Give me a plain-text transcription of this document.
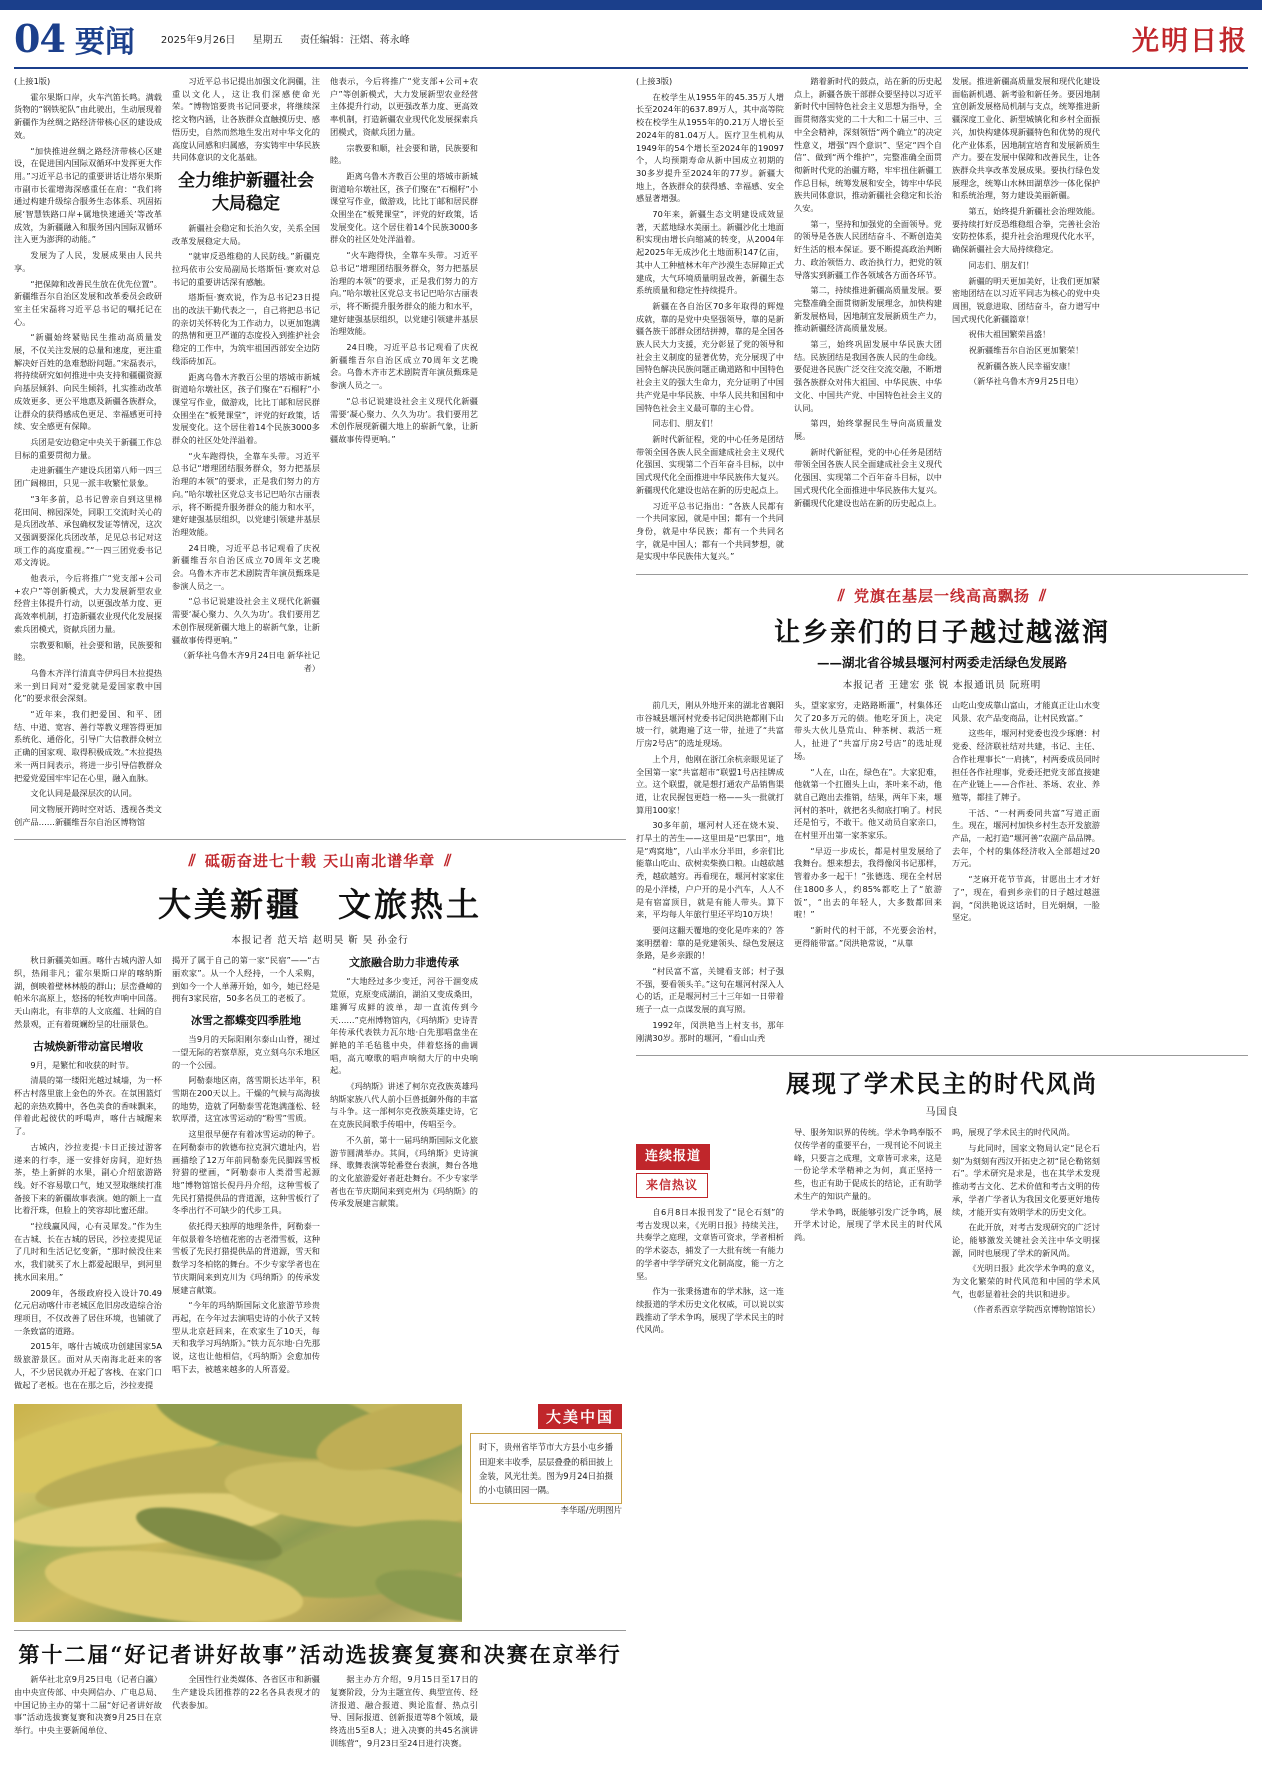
04 要闻	2025年9月26日 星期五 责任编辑：汪熠、蒋永峰	光明日报

(上接1版)

霍尔果斯口岸，火车汽笛长鸣。满载货物的“钢铁驼队”由此驶出，生动展现着新疆作为丝绸之路经济带核心区的建设成效。

“加快推进丝绸之路经济带核心区建设，在促进国内国际双循环中发挥更大作用。”习近平总书记的重要讲话让塔尔果斯市副市长霍增海深感重任在肩：“我们将通过构建升级综合服务生态体系、巩固拓展‘智慧铁路口岸+属地快速通关’等改革成效，为新疆融入和服务国内国际双循环注入更为澎湃的动能。”

发展为了人民，发展成果由人民共享。

“把保障和改善民生放在优先位置”。新疆维吾尔自治区发展和改革委员会政研室主任宋磊将习近平总书记的嘱托记在心。

“新疆始终紧贴民生推动高质量发展，不仅关注发展的总量和速度，更注重解决好百姓的急难愁盼问题。”宋磊表示，将持续研究如何推进中央支持和疆疆资源向基层倾斜、向民生倾斜，扎实推动改革成效更多、更公平地惠及新疆各族群众，让群众的获得感成色更足、幸福感更可持续、安全感更有保障。

兵团是安边稳定中央关于新疆工作总目标的重要贯彻力量。

走进新疆生产建设兵团第八师一四三团广阔棉田，只见一派丰收繁忙景象。

“3年多前，总书记曾亲自到这里棉花田间、棉园深处，同职工交流时关心的是兵团改革、承包确权发证等情况，这次又强调要深化兵团改革，足见总书记对这项工作的高度重视。”“一四三团党委书记邓文涛说。

他表示，今后将推广“党支部+公司+农户”等创新模式，大力发展新型农业经营主体提升行动，以更强改革力度、更高效率机制，打造新疆农业现代化发展探索兵团模式，资献兵团力量。

宗教要和顺，社会要和谐，民族要和睦。

乌鲁木齐洋行清真寺伊玛目木拉提热米一到日间对“爱党就是爱国家教中国化”的要求很会深刻。

“近年来，我们把爱国、和平、团结、中道、宽容、善行等教义理答得更加系统化、通俗化，引导广大信教群众树立正确的国家观、取得积极成效。”木拉提热米一两日间表示，将进一步引导信教群众把爱党爱国牢牢记在心里，融入血脉。

文化认同是最深层次的认同。

同文物展开跨时空对话、透视各类文创产品……新疆维吾尔自治区博物馆

习近平总书记提出加强文化润疆，注重以文化人，这让我们深感使命光荣。“博物馆要贵书记同要求，将继续深挖文物内涵，让各族群众直触摸历史、感悟历史，自然而然地生发出对中华文化的高度认同感和归属感，夯实铸牢中华民族共同体意识的文化基础。

全力维护新疆社会大局稳定

新疆社会稳定和长治久安，关系全国改革发展稳定大局。

“就审反恐维稳的人民防线。”新疆克拉玛依市公安局副局长塔斯恒·赛欢对总书记的重要讲话深有感触。

塔斯恒·赛欢说，作为总书记23日提出的改法干勤代表之一，自己将把总书记的亲切关怀转化为工作动力，以更加饱满的热情和更卫严谨的态度投入到推护社会稳定的工作中，为筑牢祖国西部安全边防线添砖加瓦。

距离乌鲁木齐教百公里的塔城市新城街道哈尔墩社区，孩子们聚在“石榴籽”小课堂写作业，做游戏，比比丁邮和居民群众围坐在“板凳课堂”，评党的好政策，话发展变化。这个居住着14个民族3000多群众的社区处处洋溢着。

“火车跑得快，全靠车头带。习近平总书记“增理团结服务群众，努力把基层治理的本领”的要求，正是我们努力的方向。”哈尔墩社区党总支书记巴哈尔古丽表示，将不断提升服务群众的能力和水平，建好建强基层组织，以党建引领建井基层治理效能。

24日晚，习近平总书记观看了庆祝新疆维吾尔自治区成立70周年文艺晚会。乌鲁木齐市艺术剧院青年演员甄珠是参演人员之一。

“总书记说建设社会主义现代化新疆需要‘凝心聚力、久久为功’。我们要用艺术创作展现新疆大地上的崭新气象，让新疆故事传得更响。”

（新华社乌鲁木齐9月24日电 新华社记者）

他表示，今后将推广“党支部+公司+农户”等创新模式，大力发展新型农业经营主体提升行动，以更强改革力度、更高效率机制，打造新疆农业现代化发展探索兵团模式，资献兵团力量。

宗教要和顺，社会要和谐，民族要和睦。

距离乌鲁木齐教百公里的塔城市新城街道哈尔墩社区，孩子们聚在“石榴籽”小课堂写作业，做游戏，比比丁邮和居民群众围坐在“板凳课堂”，评党的好政策，话发展变化。这个居住着14个民族3000多群众的社区处处洋溢着。

“火车跑得快，全靠车头带。习近平总书记“增理团结服务群众，努力把基层治理的本领”的要求，正是我们努力的方向。”哈尔墩社区党总支书记巴哈尔古丽表示，将不断提升服务群众的能力和水平，建好建强基层组织，以党建引领建井基层治理效能。

24日晚，习近平总书记观看了庆祝新疆维吾尔自治区成立70周年文艺晚会。乌鲁木齐市艺术剧院青年演员甄珠是参演人员之一。

“总书记说建设社会主义现代化新疆需要‘凝心聚力、久久为功’。我们要用艺术创作展现新疆大地上的崭新气象，让新疆故事传得更响。”

⫽ 砥砺奋进七十载 天山南北谱华章 ⫽
大美新疆　文旅热土
本报记者 范天培 赵明昊 靳 昊 孙金行

秋日新疆美如画。喀什古城内游人如织，热闹非凡；霍尔果斯口岸的喀纳斯湖，倒映着壁林林般的群山；层峦叠嶂的帕米尔高原上，悠扬的牦牧声响中回荡。天山南北，有非草的人文底蕴、壮阔的自然景观，正有着斑斓纷呈的壮丽景色。

古城焕新带动富民增收

9月，是繁忙和收获的时节。

清晨的第一缕阳光越过城墙，为一杯杯古村落里旅上金色的外衣。在氛围篮灯起的亲热欢腾中，各色美食的香味飘来，伴着此起彼伏的呼喝声，喀什古城醒来了。

古城内，沙拉麦提·卡日正接过游客递来的行李，逐一安排好房间，迎好热茶，垫上新鲜的水果，副心介绍旅游路线。好不容易歇口气，她又翌取继续打准备接下来的新疆故事表演。她的额上一直比着汗珠，但脸上的笑容却比蜜还甜。

“拉线赢风闯，心有灵犀发。”作为生在古城、长在古城的居民，沙拉麦提见证了几时和生活记忆变新，“那时候没住来水，我们就买了水上都爱起眼早，到河里挑水回来用。”

2009年，各级政府投入设计70.49亿元启动喀什市老城区危旧房改造综合治理项目，不仅改善了居住环境，也铺就了一条致富的道路。

2015年，喀什古城成功创建国家5A级旅游景区。面对从天南海北赶来的客人，不少居民就办开起了客栈、在家门口做起了老板。也在在那之后，沙拉麦提

揭开了属于自己的第一家“民宿”——“古丽欢家”。从一个人经持，一个人采购，到如今一个人单薄开始，如今，她已经是拥有3家民宿，50多名员工的老板了。

冰雪之都蝶变四季胜地

当9月的天际阳刚尔泰山山脊，褪过一望无际的若察草原，克立刻乌尔禾地区的一个公园。

阿勒泰地区南，落雪期长达半年，积雪期在200天以上。干燥的气候与高海拔的地势，造就了阿勒泰雪花饱满蓬松、轻软厚滑，这宜冰雪运动的“粉雪”雪质。

这里很早便存有着冰雪运动的种子。在阿勒泰市的敦德布拉克洞穴遗址内，岩画描绘了12万年前同勒泰先民脚踩雪板狩猎的壁画，“阿勒泰市人类滑雪起源地”博物馆馆长倪丹丹介绍，这种雪板了先民打猎提供品的背道源，这种雪板行了冬季出行不可缺少的代步工具。

依托得天独厚的地理条件，阿勒泰一年似景着冬培植花密的古老滑雪板，这种雪板了先民打猎提供品的背道源，雪天和数学习冬柏铭的舞台。不少专家学者也在节庆期间来到克川为《玛纳斯》的传承发展建言献策。

“今年的玛纳斯国际文化旅游节珍贵再起，在今年过去演唱史诗的小伙子又转型从北京赶回来，在欢家生了10天，每天和我学习玛纳斯》。”铁力瓦尔地·白先那说，这也让他相信，《玛纳斯》会愈加传唱下去，被越来越多的人所喜爱。

文旅融合助力非遗传承

“大地经过多少变迁，河谷干涸变成荒原，克原变成湖泊，湖泊又变成桑田，雄狮写成鲜的波单，却一直流传到今天……”克州博物馆内，《玛纳斯》史诗青年传承代表铁力瓦尔地·白先那唱盘坐在鲜艳的羊毛毡毯中央，伴着悠扬的曲调唱，高亢嘹歌的唱声响彻大厅的中央响起。

《玛纳斯》讲述了柯尔克孜族英雄玛纳斯家族八代人前小巨兽抵御外侮的丰富与斗争。这一部柯尔克孜族英雄史诗，它在克族民间歌手传唱中，传唱至今。

不久前，第十一届玛纳斯国际文化旅游节圆满举办。其间，《玛纳斯》史诗演绎、歌舞表演等轮番登台表演，舞台各地的文化旅游爱好者赶赴舞台。不少专家学者也在节庆期间来到克州为《玛纳斯》的传承发展建言献策。

大美中国
时下，贵州省毕节市大方县小屯乡播田迎来丰收季，层层叠叠的稻田披上金装，风光壮美。图为9月24日拍摄的小屯镇田园一隅。
李华瑶/光明图片
第十二届“好记者讲好故事”活动选拔赛复赛和决赛在京举行

新华社北京9月25日电（记者白瀛）由中央宣传部、中央网信办、广电总局、中国记协主办的第十二届“好记者讲好故事”活动选拔赛复赛和决赛9月25日在京举行。中央主要新闻单位、

全国性行业类媒体、各省区市和新疆生产建设兵团推荐的22名各具表现才的代表参加。

据主办方介绍，9月15日至17日的复赛阶段，分为主题宣传、典型宣传、经济报道、融合报道、舆论监督、热点引导、国际报道、创新报道等8个领域，最终选出5至8人；进入决赛的共45名演讲训练营“，9月23日至24日进行决赛。

(上接3版)

在校学生从1955年的45.35万人增长至2024年的637.89万人，其中高等院校在校学生从1955年的0.21万人增长至2024年的81.04万人。医疗卫生机构从1949年的54个增长至2024年的19097个，人均预期寿命从新中国成立初期的30多岁提升至2024年的77岁。新疆大地上，各族群众的获得感、幸福感、安全感显著增强。

70年来，新疆生态文明建设成效显著，天蓝地绿水美丽土。新疆沙化土地面积实现由增长向缩减的转变，从2004年起2025年无成沙化土地面积147亿亩，其中人工种植林木年产沙漠生态屏障正式建成，大气环境质量明显改善，新疆生态系统质量和稳定性持续提升。

新疆在各自治区70多年取得的辉煌成就，靠的是党中央坚强领导，靠的是新疆各族干部群众团结拼搏，靠的是全国各族人民大力支援，充分彰显了党的领导和社会主义制度的显著优势，充分展现了中国特色解决民族问题正确道路和中国特色社会主义的强大生命力，充分证明了中国共产党是中华民族、中华人民共和国和中国特色社会主义最可靠的主心骨。

同志们、朋友们！

新时代新征程，党的中心任务是团结带领全国各族人民全面建成社会主义现代化强国、实现第二个百年奋斗目标，以中国式现代化全面推进中华民族伟大复兴。新疆现代化建设也站在新的历史起点上。

习近平总书记指出：“各族人民都有一个共同家园，就是中国；都有一个共同身份，就是中华民族；都有一个共同名字，就是中国人；都有一个共同梦想，就是实现中华民族伟大复兴。”

踏着新时代的鼓点，站在新的历史起点上，新疆各族干部群众要坚持以习近平新时代中国特色社会主义思想为指导，全面贯彻落实党的二十大和二十届三中、三中全会精神，深刻领悟“两个确立”的决定性意义，增强“四个意识”、坚定“四个自信”、做到“两个维护”，完整准确全面贯彻新时代党的治疆方略，牢牢扭住新疆工作总目标，统筹发展和安全，铸牢中华民族共同体意识，推动新疆社会稳定和长治久安。

第一，坚持和加强党的全面领导。党的领导是各族人民团结奋斗、不断创造美好生活的根本保证。要不断提高政治判断力、政治领悟力、政治执行力，把党的领导落实到新疆工作各领域各方面各环节。

第二，持续推进新疆高质量发展。要完整准确全面贯彻新发展理念，加快构建新发展格局，因地制宜发展新质生产力，推动新疆经济高质量发展。

第三，始终巩固发展中华民族大团结。民族团结是我国各族人民的生命线。要促进各民族广泛交往交流交融，不断增强各族群众对伟大祖国、中华民族、中华文化、中国共产党、中国特色社会主义的认同。

第四，始终掌握民生导向高质量发展。

新时代新征程，党的中心任务是团结带领全国各族人民全面建成社会主义现代化强国、实现第二个百年奋斗目标，以中国式现代化全面推进中华民族伟大复兴。新疆现代化建设也站在新的历史起点上。

发展。推进新疆高质量发展和现代化建设面临新机遇、新考验和新任务。要因地制宜创新发展格局机制与支点，统筹推进新疆深度工业化、新型城镇化和乡村全面振兴，加快构建体现新疆特色和优势的现代化产业体系，因地制宜培育和发展新质生产力。要在发展中保障和改善民生，让各族群众共享改革发展成果。要执行绿色发展理念，统筹山水林田湖草沙一体化保护和系统治理，努力建设美丽新疆。

第五，始终提升新疆社会治理效能。要持续打好反恐维稳组合拳，完善社会治安防控体系，提升社会治理现代化水平，确保新疆社会大局持续稳定。

同志们、朋友们！

新疆的明天更加美好，让我们更加紧密地团结在以习近平同志为核心的党中央周围，锐意进取、团结奋斗，奋力谱写中国式现代化新疆篇章！

祝伟大祖国繁荣昌盛！

祝新疆维吾尔自治区更加繁荣！

祝新疆各族人民幸福安康！

（新华社乌鲁木齐9月25日电）

⫽ 党旗在基层一线高高飘扬 ⫽
让乡亲们的日子越过越滋润
——湖北省谷城县堰河村两委走活绿色发展路
本报记者 王建宏 张 锐 本报通讯员 阮班明

前几天，刚从外地开来的湖北省襄阳市谷城县堰河村党委书记闵洪艳都刚下山坡一行，就跑遍了这一带，扯进了“共富厅房2号店”的选址现场。

上个月，他刚在浙江余杭亲眼见证了全国第一家“共富超市”联盟1号店挂牌成立。这个联盟，就是想打通农产品销售渠道，让农民握包更趋一格——头一批就打算用100家！

30多年前，堰河村人还在烧木炭、打旱土的苦生——这里田是“巴掌田”，地是“鸡窝地”，八山半水分半田，乡亲们比能靠山吃山、砍树卖柴换口粮。山越砍越秃，越砍越穷。再看现在，堰河村家家住的是小洋楼，户户开的是小汽车，人人不是有宿富顶目，就是有能人带头。算下来，平均每人年旅行里还平均10万块！

要问这翻天覆地的变化是咋来的？答案明摆着：靠的是党建领头、绿色发展这条路，是乡亲跟的！

“村民富不富，关键看支部；村子强不强，要看领头羊。”这句在堰河村深入人心的话，正是堰河村三十三年如一日带着班子一点一点谋发展的真写照。

1992年，闵洪艳当上村支书，那年刚满30岁。那时的堰河，“看山山秃

头，望家家穷，走路路断灌”，村集体还欠了20多万元的债。他吃牙顶上，决定带头大伙儿垦荒山、种茶树、栽活一班人，扯进了“共富厅房2号店”的选址现场。

“人在，山在，绿色在”。大家犯难，他就第一个扛圈头上山，茶叶来不动，他就自己跑出去推销，结果，两年下来，堰河村的茶叶，就把名头彻底打响了。村民还是怕亏，不敢干。他又动员自家亲口，在村里开出第一家茶家乐。

“早迈一步成长，都是村里发展给了我舞台。想来想去，我得像闵书记那样，管着办多一起干！”张德选、现在全村居住1800多人，约85%都吃上了“旅游饭”，“出去的年轻人，大多数都回来啦！”

“新时代的村干部，不光要会治村，更得能带富。”闵洪艳常说，“从靠

山吃山变成靠山富山，才能真正让山水变风景、农产品变商品，让村民致富。”

这些年，堰河村党委也没少琢磨：村党委、经济联社结对共建，书记、主任、合作社理事长“一肩挑”，村两委成员同时担任各作社理事，党委还把党支部直接建在产业链上——合作社、茶场、农业、养殖等，都挂了牌子。

干活、“一村两委同共富”写道正面生。现在，堰河村加快乡村生态开发旅游产品，一起打造“堰河善”农副产品品牌。去年，个村的集体经济收入全部超过20万元。

“芝麻开花节节高，甘愿出土才才好了”，现在，看到乡亲们的日子越过越滋润，“闵洪艳说这话时，目光炯炯，一脸坚定。

展现了学术民主的时代风尚
马国良
连续报道
来信热议

自6月8日本报刊发了“昆仑石刻”的考古发现以来，《光明日报》持续关注，共奏学之庭理，文章皆可资求，学者相析的学术姿态，捕发了一大批有统一有能力的学者中学学研究文化制高度，能一方之坚。

作为一张秉扬遗布的学术脉，这一连续报道的学术历史文化权威，可以说以实践推动了学术争呜，展现了学术民主的时代风尚。

导、服务知识界的传统。学术争鸣奉版不仅传学者的重要平台，一现刊论不问说主峰，只要言之成理，文章皆可求来，这是一份论学术学精神之为何，真正坚持一些，也正有助于促成长的结论，正有助学术生产的知识产量的。

学术争鸣，既能够引发广泛争鸣，展开学术讨论，展现了学术民主的时代风尚。

呜，展现了学术民主的时代风尚。

与此同时，国家文物局认定“昆仑石刻”为刻刻有西汉开拓史之初“昆仑勒铭刻石”。学术研究是求是，也在其学术发现推动考古文化、艺术价值和考古文明的传承，学者广学者认为我国文化要更好地传续，才能开实有效明学术的历史文化。

在此开放，对考古发现研究的广泛讨论，能够激发关键社会关注中华文明探源，同时也展现了学术的新风尚。

《光明日报》此次学术争鸣的意义，为文化繁荣的时代风范和中国的学术风气，也彰显着社会的共识和进步。

（作者系西京学院西京博物馆馆长）
